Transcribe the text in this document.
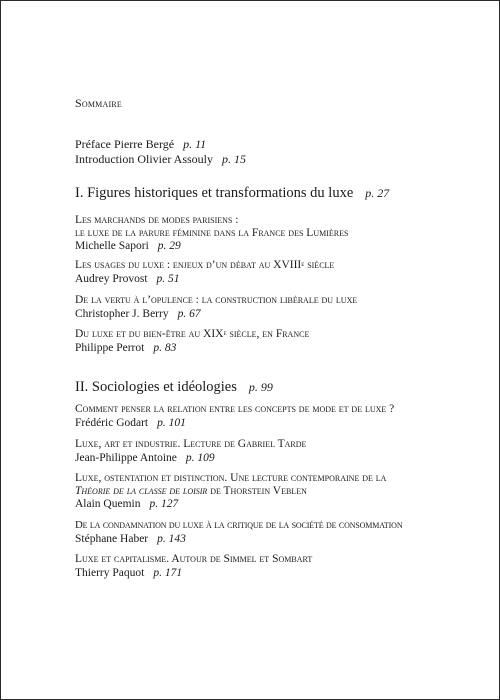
Sommaire
Préface Pierre Bergé p. 11
Introduction Olivier Assouly p. 15
I. Figures historiques et transformations du luxe p. 27

Les marchands de modes parisiens :
le luxe de la parure féminine dans la France des Lumières

Michelle Sapori p. 29

Les usages du luxe : enjeux d’un débat au XVIIIe siècle

Audrey Provost p. 51

De la vertu à l’opulence : la construction libérale du luxe

Christopher J. Berry p. 67

Du luxe et du bien-être au XIXe siècle, en France

Philippe Perrot p. 83

II. Sociologies et idéologies p. 99

Comment penser la relation entre les concepts de mode et de luxe ?

Frédéric Godart p. 101

Luxe, art et industrie. Lecture de Gabriel Tarde

Jean-Philippe Antoine p. 109

Luxe, ostentation et distinction. Une lecture contemporaine de la
Théorie de la classe de loisir de Thorstein Veblen

Alain Quemin p. 127

De la condamnation du luxe à la critique de la société de consommation

Stéphane Haber p. 143

Luxe et capitalisme. Autour de Simmel et Sombart

Thierry Paquot p. 171
